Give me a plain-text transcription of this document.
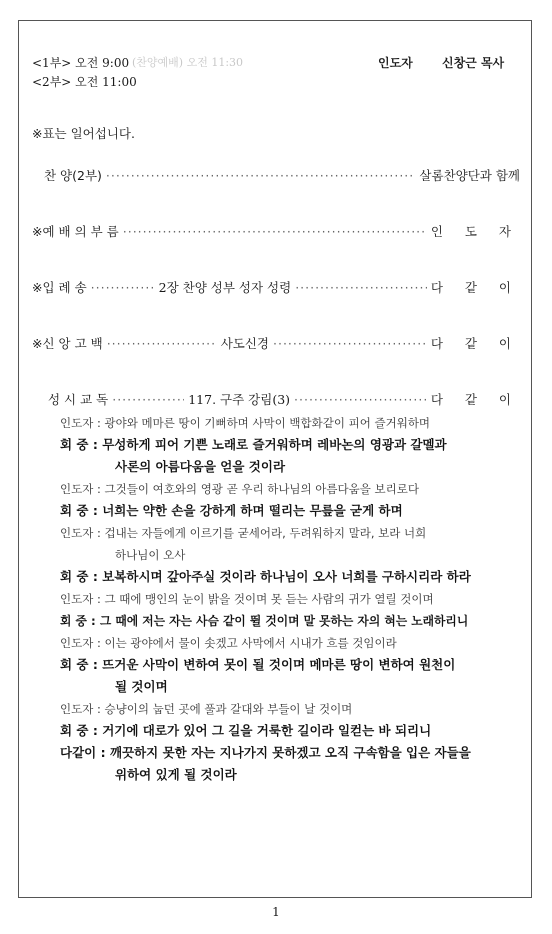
<1부> 오전 9:00 (찬양예배) 오전 11:30
<2부> 오전 11:00
인도자 신창근 목사
※표는 일어섭니다.
찬 양(2부) ·····	살롬찬양단과 함께
※예 배 의 부 름 ·····	인 도 자
※입 례 송 ·····	2장 찬양 성부 성자 성령 ·····	다 같 이
※신 앙 고 백 ·····	사도신경 ·····	다 같 이
성 시 교 독 ·····	117. 구주 강림(3) ·····	다 같 이
인도자 : 광야와 메마른 땅이 기뻐하며 사막이 백합화같이 피어 즐거워하며
회 중 : 무성하게 피어 기쁜 노래로 즐거워하며 레바논의 영광과 갈멜과
사론의 아름다움을 얻을 것이라
인도자 : 그것들이 여호와의 영광 곧 우리 하나님의 아름다움을 보리로다
회 중 : 너희는 약한 손을 강하게 하며 떨리는 무릎을 굳게 하며
인도자 : 겁내는 자들에게 이르기를 굳세어라, 두려워하지 말라, 보라 너희
하나님이 오사
회 중 : 보복하시며 갚아주실 것이라 하나님이 오사 너희를 구하시리라 하라
인도자 : 그 때에 맹인의 눈이 밝을 것이며 못 듣는 사람의 귀가 열릴 것이며
회 중 : 그 때에 저는 자는 사슴 같이 뛸 것이며 말 못하는 자의 혀는 노래하리니
인도자 : 이는 광야에서 물이 솟겠고 사막에서 시내가 흐를 것임이라
회 중 : 뜨거운 사막이 변하여 못이 될 것이며 메마른 땅이 변하여 원천이
될 것이며
인도자 : 승냥이의 눕던 곳에 풀과 갈대와 부들이 날 것이며
회 중 : 거기에 대로가 있어 그 길을 거룩한 길이라 일컫는 바 되리니
다같이 : 깨끗하지 못한 자는 지나가지 못하겠고 오직 구속함을 입은 자들을
위하여 있게 될 것이라
1
